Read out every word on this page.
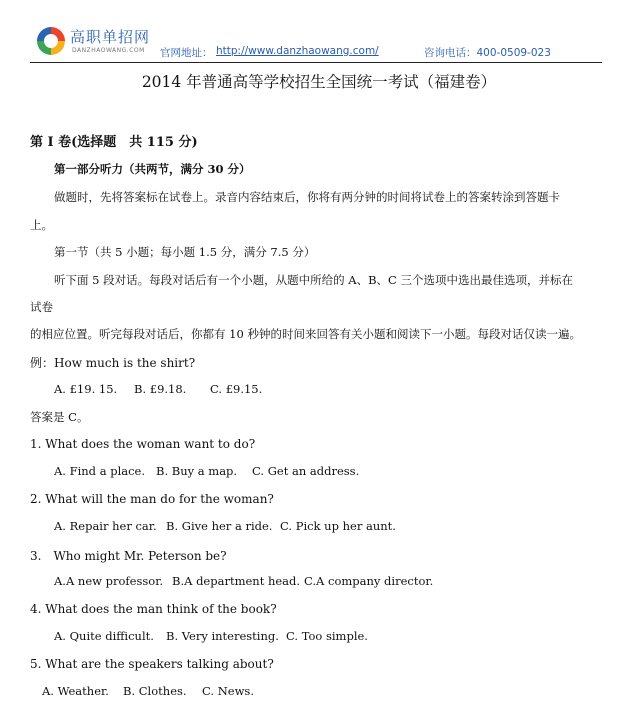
高职单招网
DANZHAOWANG.COM 官网地址： http://www.danzhaowang.com/	咨询电话：400-0509-023
2014 年普通高等学校招生全国统一考试（福建卷）
第 I 卷(选择题　共 115 分)
第一部分听力（共两节，满分 30 分）
做题时，先将答案标在试卷上。录音内容结束后，你将有两分钟的时间将试卷上的答案转涂到答题卡
上。
第一节（共 5 小题；每小题 1.5 分，满分 7.5 分）
听下面 5 段对话。每段对话后有一个小题，从题中所给的 A、B、C 三个选项中选出最佳选项，并标在
试卷
的相应位置。听完每段对话后，你都有 10 秒钟的时间来回答有关小题和阅读下一小题。每段对话仅读一遍。
例：How much is the shirt?
A. £19. 15. B. £9.18. C. £9.15.
答案是 C。
1. What does the woman want to do?
A. Find a place. B. Buy a map. C. Get an address.
2. What will the man do for the woman?
A. Repair her car. B. Give her a ride. C. Pick up her aunt.
3.　Who might Mr. Peterson be?
A.A new professor. B.A department head. C.A company director.
4. What does the man think of the book?
A. Quite difficult. B. Very interesting. C. Too simple.
5. What are the speakers talking about?
A. Weather. B. Clothes. C. News.
